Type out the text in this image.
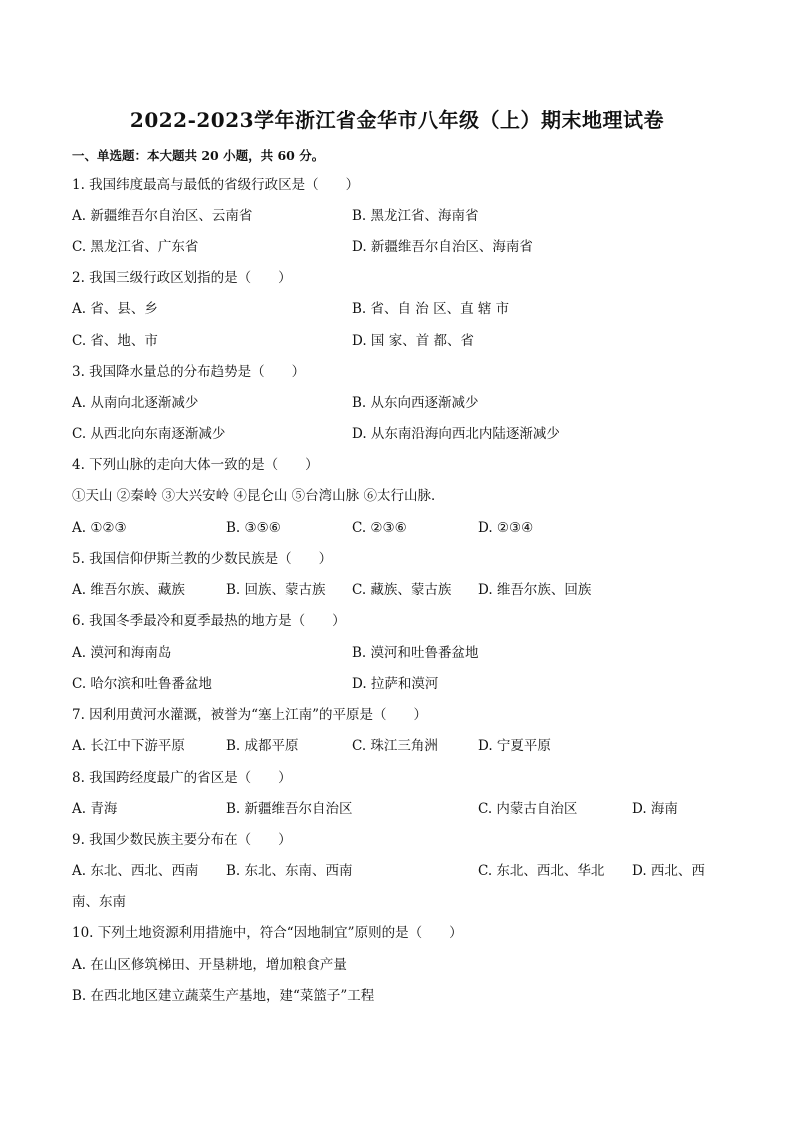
2022-2023学年浙江省金华市八年级（上）期末地理试卷
一、单选题：本大题共 20 小题，共 60 分。
1. 我国纬度最高与最低的省级行政区是（　　）
A. 新疆维吾尔自治区、云南省	B. 黑龙江省、海南省
C. 黑龙江省、广东省	D. 新疆维吾尔自治区、海南省
2. 我国三级行政区划指的是（　　）
A. 省、县、乡	B. 省、自 治 区、直 辖 市
C. 省、地、市	D. 国 家、首 都、省
3. 我国降水量总的分布趋势是（　　）
A. 从南向北逐渐减少	B. 从东向西逐渐减少
C. 从西北向东南逐渐减少	D. 从东南沿海向西北内陆逐渐减少
4. 下列山脉的走向大体一致的是（　　）
①天山 ②秦岭 ③大兴安岭 ④昆仑山 ⑤台湾山脉 ⑥太行山脉．
A. ①②③	B. ③⑤⑥	C. ②③⑥	D. ②③④
5. 我国信仰伊斯兰教的少数民族是（　　）
A. 维吾尔族、藏族	B. 回族、蒙古族 C. 藏族、蒙古族 D. 维吾尔族、回族
6. 我国冬季最冷和夏季最热的地方是（　　）
A. 漠河和海南岛	B. 漠河和吐鲁番盆地
C. 哈尔滨和吐鲁番盆地	D. 拉萨和漠河
7. 因利用黄河水灌溉，被誉为“塞上江南”的平原是（　　）
A. 长江中下游平原	B. 成都平原	C. 珠江三角洲	D. 宁夏平原
8. 我国跨经度最广的省区是（　　）
A. 青海	B. 新疆维吾尔自治区	C. 内蒙古自治区	D. 海南
9. 我国少数民族主要分布在（　　）
A. 东北、西北、西南 B. 东北、东南、西南	C. 东北、西北、华北 D. 西北、西
南、东南
10. 下列土地资源利用措施中，符合“因地制宜”原则的是（　　）
A. 在山区修筑梯田、开垦耕地，增加粮食产量
B. 在西北地区建立蔬菜生产基地，建“菜篮子”工程
